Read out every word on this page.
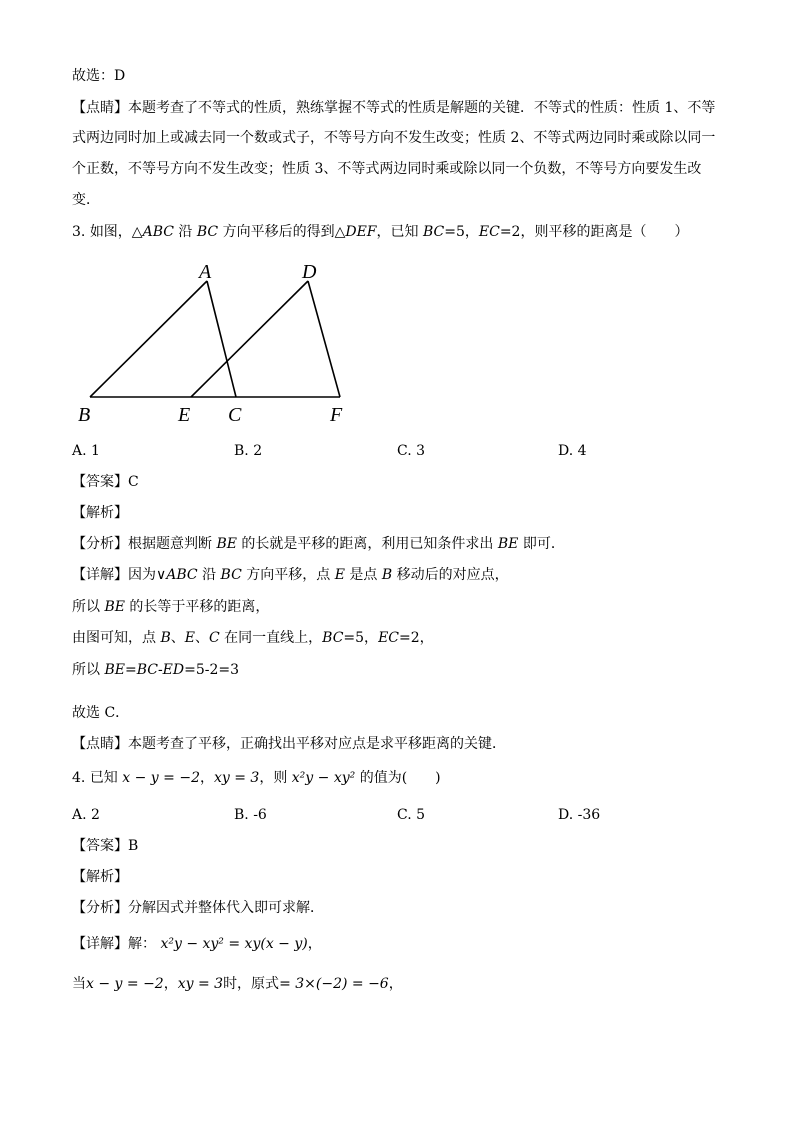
故选：D
【点睛】本题考查了不等式的性质，熟练掌握不等式的性质是解题的关键．不等式的性质：性质 1、不等
式两边同时加上或减去同一个数或式子，不等号方向不发生改变；性质 2、不等式两边同时乘或除以同一
个正数，不等号方向不发生改变；性质 3、不等式两边同时乘或除以同一个负数，不等号方向要发生改
变．
3. 如图，△ABC 沿 BC 方向平移后的得到△DEF，已知 BC=5，EC=2，则平移的距离是（　　）
A	D
B	E C	F
A. 1	B. 2	C. 3	D. 4
【答案】C
【解析】
【分析】根据题意判断 BE 的长就是平移的距离，利用已知条件求出 BE 即可．
【详解】因为∨ABC 沿 BC 方向平移，点 E 是点 B 移动后的对应点，
所以 BE 的长等于平移的距离，
由图可知，点 B、E、C 在同一直线上，BC=5，EC=2，
所以 BE=BC-ED=5-2=3
故选 C．
【点睛】本题考查了平移，正确找出平移对应点是求平移距离的关键．
4. 已知 x − y = −2，xy = 3，则 x²y − xy² 的值为(　　)
A. 2	B. -6	C. 5	D. -36
【答案】B
【解析】
【分析】分解因式并整体代入即可求解．
【详解】解： x²y − xy² = xy(x − y)，
当x − y = −2，xy = 3时，原式= 3×(−2) = −6，
